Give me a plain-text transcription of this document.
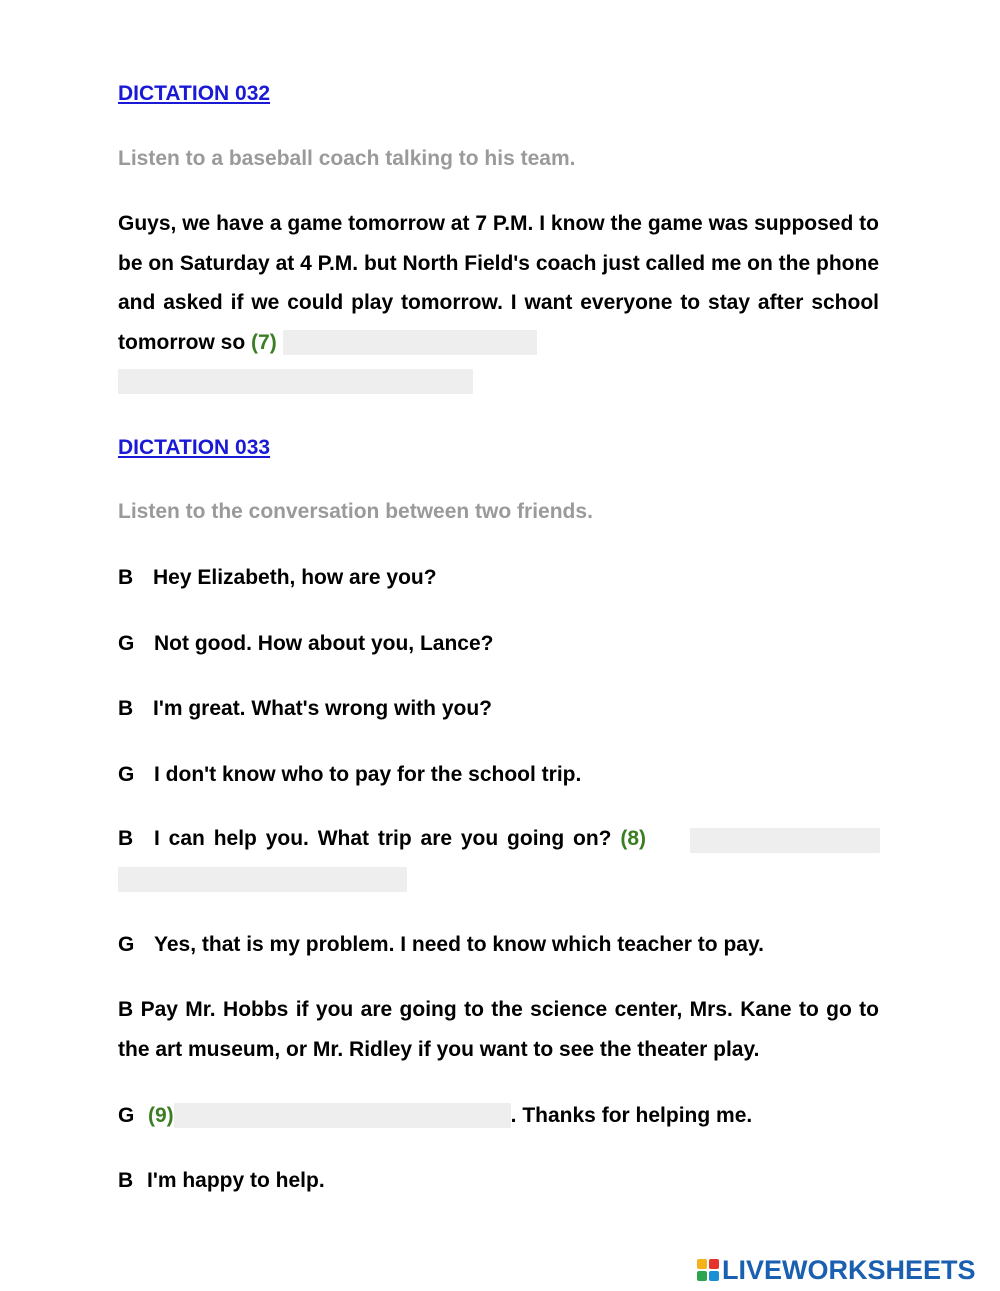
DICTATION 032
Listen to a baseball coach talking to his team.
Guys, we have a game tomorrow at 7 P.M. I know the game was supposed to be on Saturday at 4 P.M. but North Field's coach just called me on the phone and asked if we could play tomorrow. I want everyone to stay after school tomorrow so (7)
DICTATION 033
Listen to the conversation between two friends.
B Hey Elizabeth, how are you?
G Not good. How about you, Lance?
B I'm great. What's wrong with you?
G I don't know who to pay for the school trip.
B I can help you. What trip are you going on? (8)
G Yes, that is my problem. I need to know which teacher to pay.
B Pay Mr. Hobbs if you are going to the science center, Mrs. Kane to go to the art museum, or Mr. Ridley if you want to see the theater play.
G (9)	. Thanks for helping me.
B I'm happy to help.
LIVEWORKSHEETS
